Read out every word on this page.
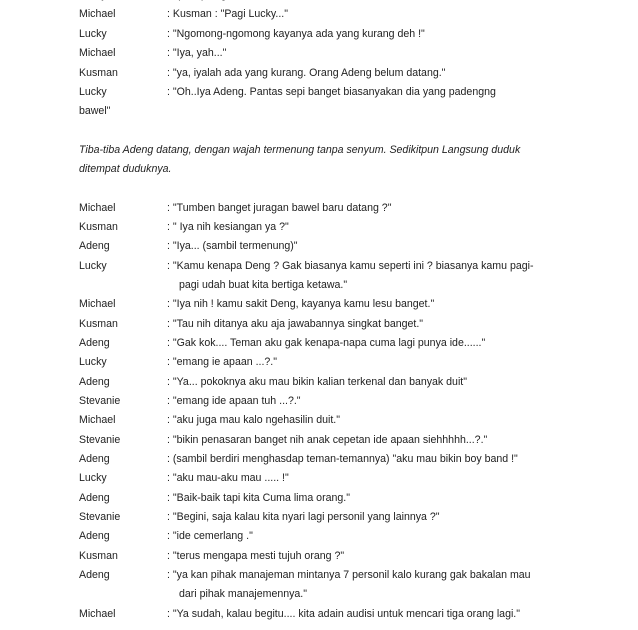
Michael	: Kusman : "Pagi Lucky..."
Lucky	: "Ngomong-ngomong kayanya ada yang kurang deh !"
Michael	: "Iya, yah..."
Kusman	: "ya, iyalah ada yang kurang. Orang Adeng belum datang."
Lucky	: "Oh..Iya Adeng. Pantas sepi banget biasanyakan dia yang padengng
bawel"
Tiba-tiba Adeng datang, dengan wajah termenung tanpa senyum. Sedikitpun Langsung duduk
ditempat duduknya.
Michael	: "Tumben banget juragan bawel baru datang ?"
Kusman	: " Iya nih kesiangan ya ?"
Adeng	: "Iya... (sambil termenung)"
Lucky	: "Kamu kenapa Deng ? Gak biasanya kamu seperti ini ? biasanya kamu pagi-
pagi udah buat kita bertiga ketawa."
Michael	: "Iya nih ! kamu sakit Deng, kayanya kamu lesu banget."
Kusman	: "Tau nih ditanya aku aja jawabannya singkat banget."
Adeng	: "Gak kok.... Teman aku gak kenapa-napa cuma lagi punya ide......"
Lucky	: "emang ie apaan ...?."
Adeng	: "Ya... pokoknya aku mau bikin kalian terkenal dan banyak duit"
Stevanie	: "emang ide apaan tuh ...?."
Michael	: "aku juga mau kalo ngehasilin duit."
Stevanie	: "bikin penasaran banget nih anak cepetan ide apaan siehhhhh...?."
Adeng	: (sambil berdiri menghasdap teman-temannya) "aku mau bikin boy band !"
Lucky	: "aku mau-aku mau ..... !"
Adeng	: "Baik-baik tapi kita Cuma lima orang."
Stevanie	: "Begini, saja kalau kita nyari lagi personil yang lainnya ?"
Adeng	: "ide cemerlang ."
Kusman	: "terus mengapa mesti tujuh orang ?"
Adeng	: "ya kan pihak manajeman mintanya 7 personil kalo kurang gak bakalan mau
dari pihak manajemennya."
Michael	: "Ya sudah, kalau begitu.... kita adain audisi untuk mencari tiga orang lagi."
